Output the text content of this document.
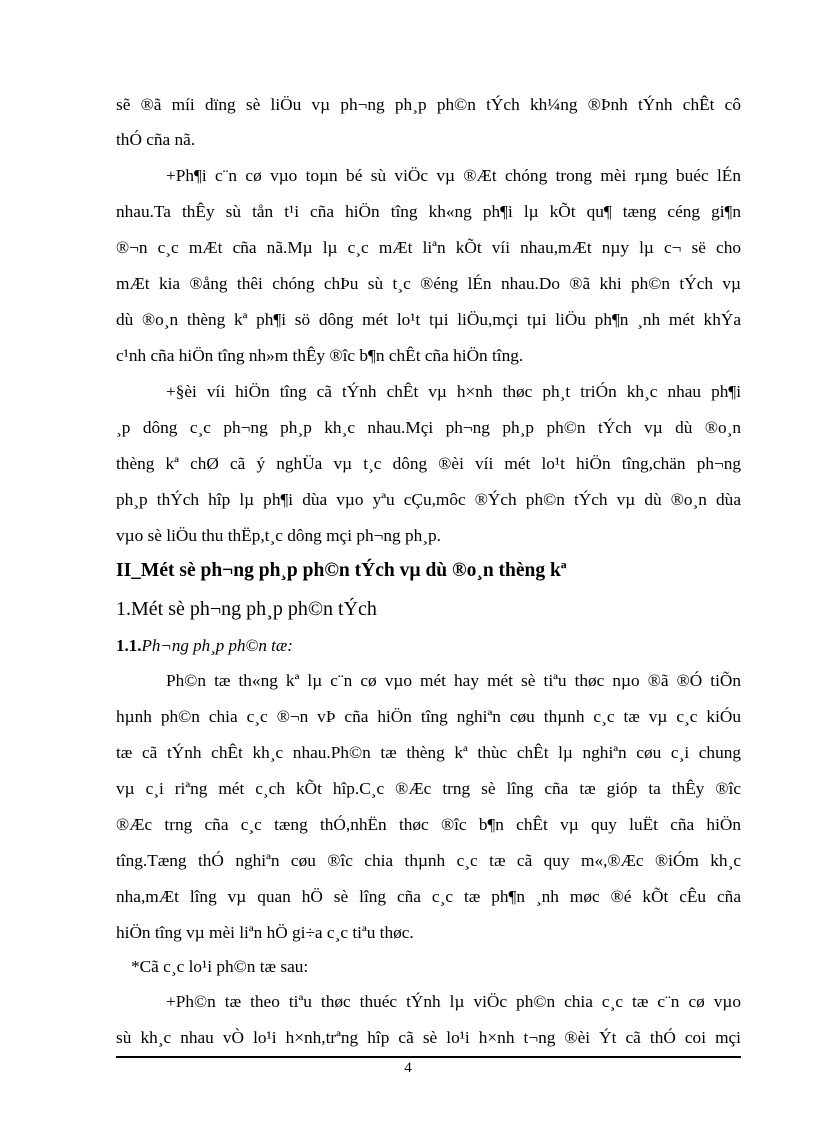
sẽ ®ã míi dïng sè liÖu vµ ph¬ng ph¸p ph©n tÝch kh¼ng ®Þnh tÝnh chÊt cô
thÓ cña nã.
+Ph¶i c¨n cø vµo toµn bé sù viÖc vµ ®Æt chóng trong mèi rµng buéc lÉn
nhau.Ta thÊy sù tån t¹i cña hiÖn tîng kh«ng ph¶i lµ kÕt qu¶ tæng céng gi¶n
®¬n c¸c mÆt cña nã.Mµ lµ c¸c mÆt liªn kÕt víi nhau,mÆt nµy lµ c¬ së cho
mÆt kia ®ång thêi chóng chÞu sù t¸c ®éng lÉn nhau.Do ®ã khi ph©n tÝch vµ
dù ®o¸n thèng kª ph¶i sö dông mét lo¹t tµi liÖu,mçi tµi liÖu ph¶n ¸nh mét khÝa
c¹nh cña hiÖn tîng nh»m thÊy ®îc b¶n chÊt cña hiÖn tîng.
+§èi víi hiÖn tîng cã tÝnh chÊt vµ h×nh thøc ph¸t triÓn kh¸c nhau ph¶i
¸p dông c¸c ph¬ng ph¸p kh¸c nhau.Mçi ph¬ng ph¸p ph©n tÝch vµ dù ®o¸n
thèng kª chØ cã ý nghÜa vµ t¸c dông ®èi víi mét lo¹t hiÖn tîng,chän ph¬ng
ph¸p thÝch hîp lµ ph¶i dùa vµo yªu cÇu,môc ®Ých ph©n tÝch vµ dù ®o¸n dùa
vµo sè liÖu thu thËp,t¸c dông mçi ph¬ng ph¸p.
II_Mét sè ph¬ng ph¸p ph©n tÝch vµ dù ®o¸n thèng kª
1.Mét sè ph¬ng ph¸p ph©n tÝch
1.1.Ph¬ng ph¸p ph©n tæ:
Ph©n tæ th«ng kª lµ c¨n cø vµo mét hay mét sè tiªu thøc nµo ®ã ®Ó tiÕn
hµnh ph©n chia c¸c ®¬n vÞ cña hiÖn tîng nghiªn cøu thµnh c¸c tæ vµ c¸c kiÓu
tæ cã tÝnh chÊt kh¸c nhau.Ph©n tæ thèng kª thùc chÊt lµ nghiªn cøu c¸i chung
vµ c¸i riªng mét c¸ch kÕt hîp.C¸c ®Æc trng sè lîng cña tæ gióp ta thÊy ®îc
®Æc trng cña c¸c tæng thÓ,nhËn thøc ®îc b¶n chÊt vµ quy luËt cña hiÖn
tîng.Tæng thÓ nghiªn cøu ®îc chia thµnh c¸c tæ cã quy m«,®Æc ®iÓm kh¸c
nha,mÆt lîng vµ quan hÖ sè lîng cña c¸c tæ ph¶n ¸nh møc ®é kÕt cÊu cña
hiÖn tîng vµ mèi liªn hÖ gi÷a c¸c tiªu thøc.
*Cã c¸c lo¹i ph©n tæ sau:
+Ph©n tæ theo tiªu thøc thuéc tÝnh lµ viÖc ph©n chia c¸c tæ c¨n cø vµo
sù kh¸c nhau vÒ lo¹i h×nh,trªng hîp cã sè lo¹i h×nh t¬ng ®èi Ýt cã thÓ coi mçi
4
